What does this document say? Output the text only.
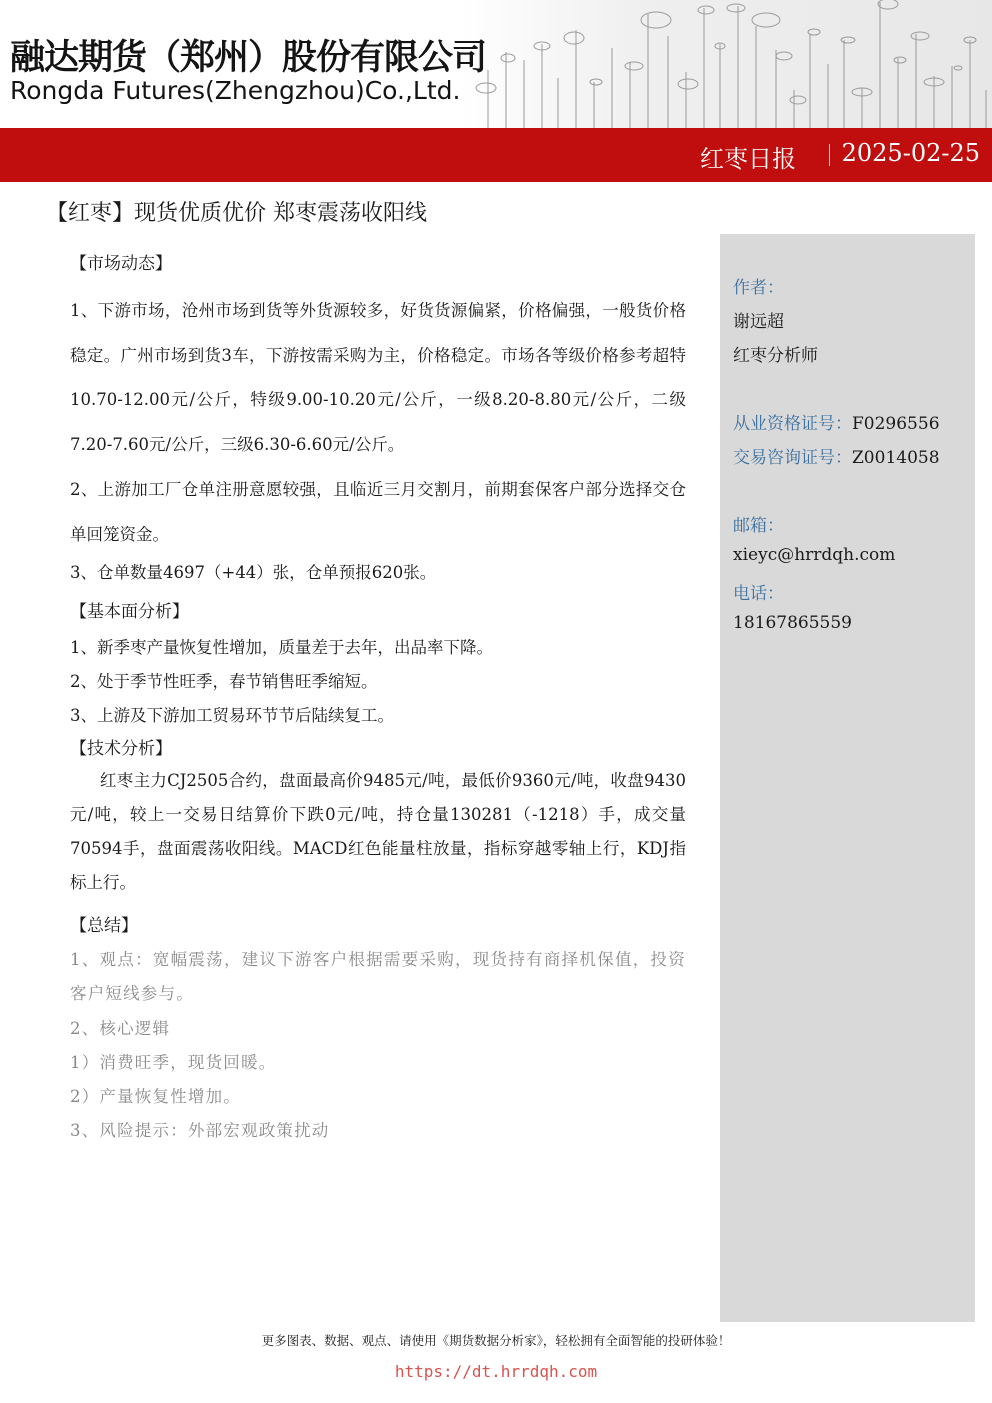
融达期货（郑州）股份有限公司
Rongda Futures(Zhengzhou)Co.,Ltd.
红枣日报 2025-02-25
【红枣】现货优质优价 郑枣震荡收阳线
作者：
谢远超
红枣分析师
从业资格证号：F0296556
交易咨询证号：Z0014058
邮箱：
xieyc@hrrdqh.com
电话：
18167865559
【市场动态】
1、下游市场，沧州市场到货等外货源较多，好货货源偏紧，价格偏强，一般货价格稳定。广州市场到货3车，下游按需采购为主，价格稳定。市场各等级价格参考超特10.70-12.00元/公斤，特级9.00-10.20元/公斤，一级8.20-8.80元/公斤，二级7.20-7.60元/公斤，三级6.30-6.60元/公斤。
2、上游加工厂仓单注册意愿较强，且临近三月交割月，前期套保客户部分选择交仓单回笼资金。
3、仓单数量4697（+44）张，仓单预报620张。
【基本面分析】
1、新季枣产量恢复性增加，质量差于去年，出品率下降。
2、处于季节性旺季，春节销售旺季缩短。
3、上游及下游加工贸易环节节后陆续复工。
【技术分析】
红枣主力CJ2505合约，盘面最高价9485元/吨，最低价9360元/吨，收盘9430元/吨，较上一交易日结算价下跌0元/吨，持仓量130281（-1218）手，成交量70594手，盘面震荡收阳线。MACD红色能量柱放量，指标穿越零轴上行，KDJ指标上行。
【总结】
1、观点：宽幅震荡，建议下游客户根据需要采购，现货持有商择机保值，投资客户短线参与。
2、核心逻辑
1）消费旺季，现货回暖。
2）产量恢复性增加。
3、风险提示：外部宏观政策扰动
更多图表、数据、观点、请使用《期货数据分析家》，轻松拥有全面智能的投研体验！
https://dt.hrrdqh.com
